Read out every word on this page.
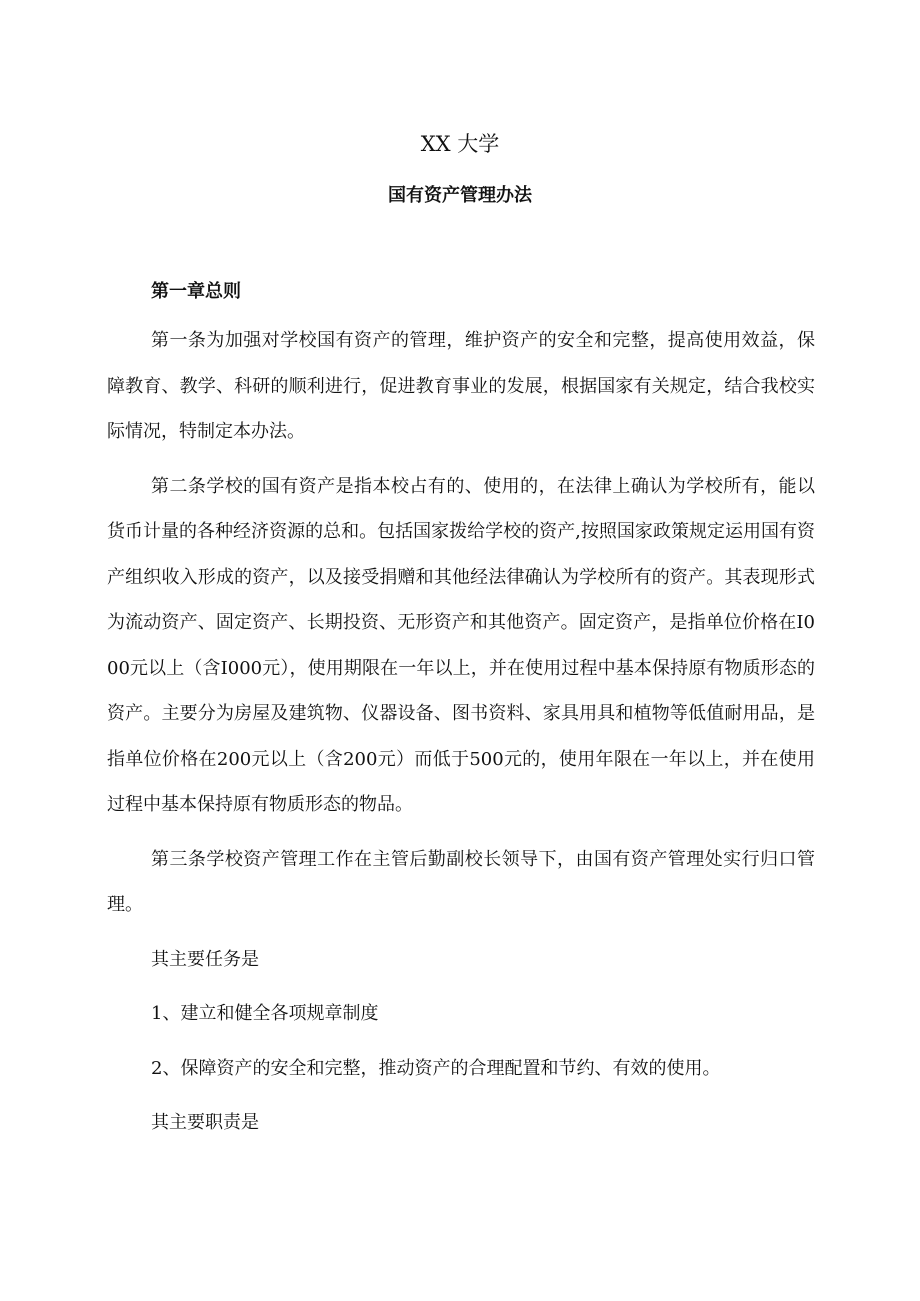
XX 大学
国有资产管理办法

第一章总则

第一条为加强对学校国有资产的管理，维护资产的安全和完整，提高使用效益，保障教育、教学、科研的顺利进行，促进教育事业的发展，根据国家有关规定，结合我校实际情况，特制定本办法。

第二条学校的国有资产是指本校占有的、使用的，在法律上确认为学校所有，能以货币计量的各种经济资源的总和。包括国家拨给学校的资产,按照国家政策规定运用国有资产组织收入形成的资产，以及接受捐赠和其他经法律确认为学校所有的资产。其表现形式为流动资产、固定资产、长期投资、无形资产和其他资产。固定资产，是指单位价格在I000元以上（含I000元），使用期限在一年以上，并在使用过程中基本保持原有物质形态的资产。主要分为房屋及建筑物、仪器设备、图书资料、家具用具和植物等低值耐用品，是指单位价格在200元以上（含200元）而低于500元的，使用年限在一年以上，并在使用过程中基本保持原有物质形态的物品。

第三条学校资产管理工作在主管后勤副校长领导下，由国有资产管理处实行归口管理。

其主要任务是

1、建立和健全各项规章制度

2、保障资产的安全和完整，推动资产的合理配置和节约、有效的使用。

其主要职责是
